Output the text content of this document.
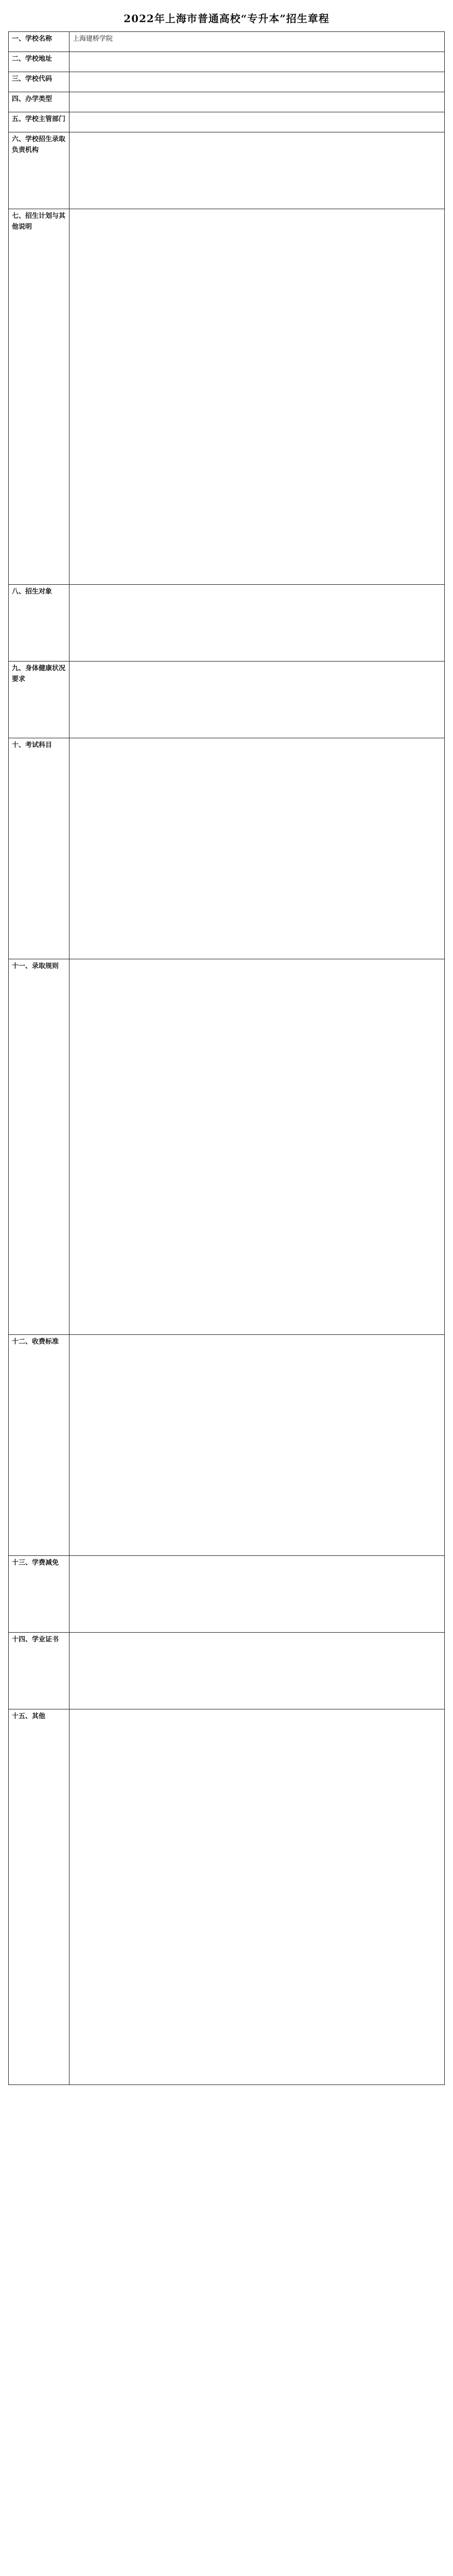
2022年上海市普通高校“专升本”招生章程
一、学校名称	上海建桥学院

二、学校地址	

三、学校代码	

四、办学类型	

五、学校主管部门	

六、学校招生录取负责机构	

七、招生计划与其他说明	

八、招生对象	

九、身体健康状况要求	

十、考试科目	

十一、录取规则	

十二、收费标准	

十三、学费减免	

十四、学业证书	

十五、其他	
